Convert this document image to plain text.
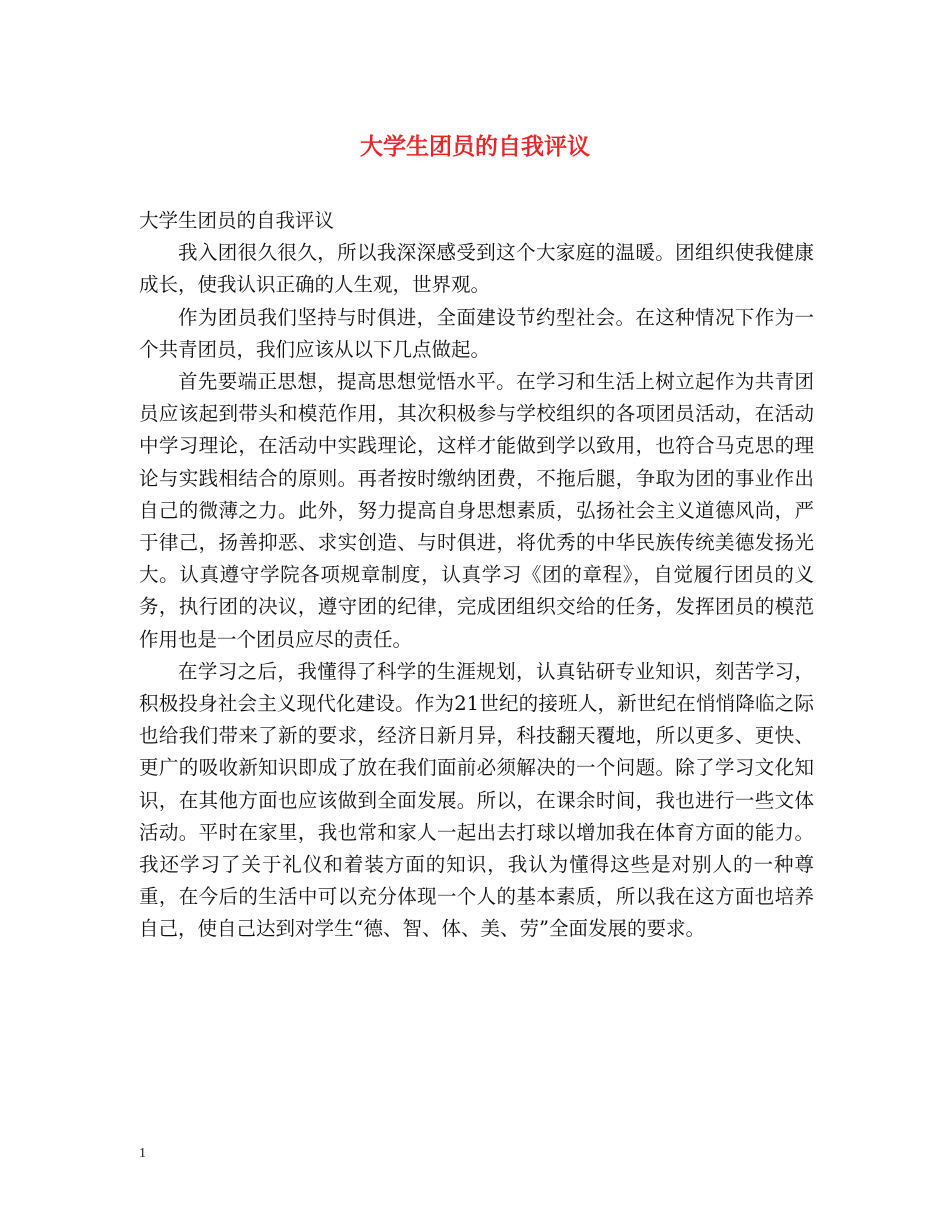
大学生团员的自我评议

大学生团员的自我评议

我入团很久很久，所以我深深感受到这个大家庭的温暖。团组织使我健康成长，使我认识正确的人生观，世界观。

作为团员我们坚持与时俱进，全面建设节约型社会。在这种情况下作为一个共青团员，我们应该从以下几点做起。

首先要端正思想，提高思想觉悟水平。在学习和生活上树立起作为共青团员应该起到带头和模范作用，其次积极参与学校组织的各项团员活动，在活动中学习理论，在活动中实践理论，这样才能做到学以致用，也符合马克思的理论与实践相结合的原则。再者按时缴纳团费，不拖后腿，争取为团的事业作出自己的微薄之力。此外，努力提高自身思想素质，弘扬社会主义道德风尚，严于律己，扬善抑恶、求实创造、与时俱进，将优秀的中华民族传统美德发扬光大。认真遵守学院各项规章制度，认真学习《团的章程》，自觉履行团员的义务，执行团的决议，遵守团的纪律，完成团组织交给的任务，发挥团员的模范作用也是一个团员应尽的责任。

在学习之后，我懂得了科学的生涯规划，认真钻研专业知识，刻苦学习，积极投身社会主义现代化建设。作为21世纪的接班人，新世纪在悄悄降临之际也给我们带来了新的要求，经济日新月异，科技翻天覆地，所以更多、更快、更广的吸收新知识即成了放在我们面前必须解决的一个问题。除了学习文化知识，在其他方面也应该做到全面发展。所以，在课余时间，我也进行一些文体活动。平时在家里，我也常和家人一起出去打球以增加我在体育方面的能力。我还学习了关于礼仪和着装方面的知识，我认为懂得这些是对别人的一种尊重，在今后的生活中可以充分体现一个人的基本素质，所以我在这方面也培养自己，使自己达到对学生“德、智、体、美、劳”全面发展的要求。

1
